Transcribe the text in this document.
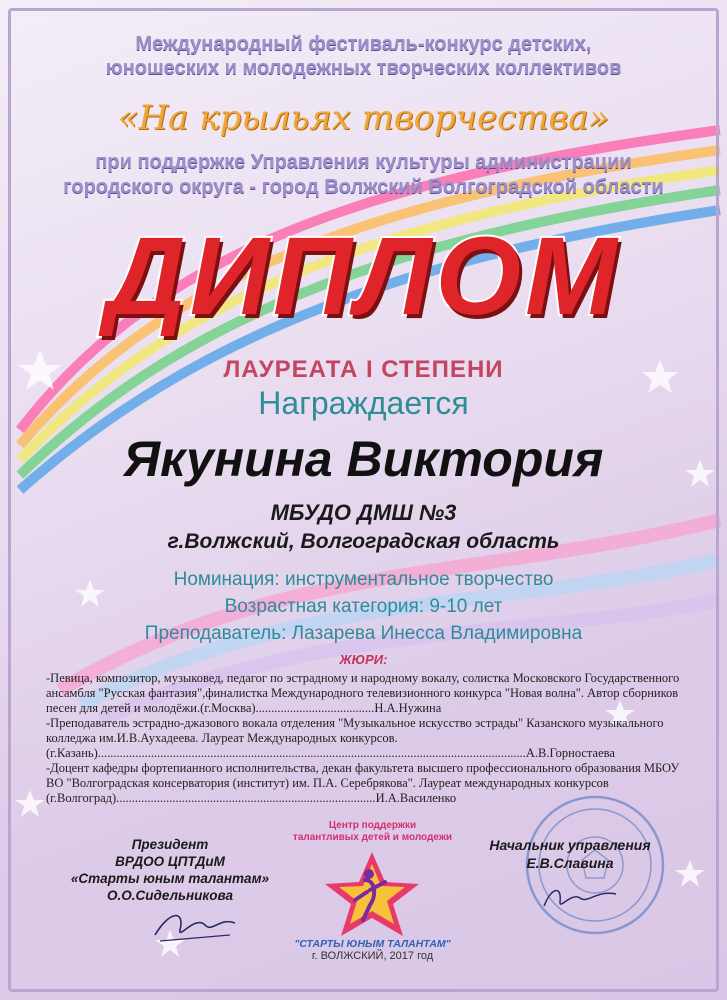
Международный фестиваль-конкурс детских,
юношеских и молодежных творческих коллективов
«На крыльях творчества»
при поддержке Управления культуры администрации
городского округа - город Волжский Волгоградской области
ДИПЛОМ
ЛАУРЕАТА I СТЕПЕНИ
Награждается
Якунина Виктория
МБУДО ДМШ №3
г.Волжский, Волгоградская область
Номинация: инструментальное творчество
Возрастная категория: 9-10 лет
Преподаватель: Лазарева Инесса Владимировна
ЖЮРИ:

-Певица, композитор, музыковед, педагог по эстрадному и народному вокалу, солистка Московского Государственного ансамбля "Русская фантазия",финалистка Международного телевизионного конкурса "Новая волна". Автор сборников песен для детей и молодёжи.(г.Москва)......................................Н.А.Нужина

-Преподаватель эстрадно-джазового вокала отделения "Музыкальное искусство эстрады" Казанского музыкального колледжа им.И.В.Аухадеева. Лауреат Международных конкурсов. (г.Казань).........................................................................................................................................А.В.Горностаева

-Доцент кафедры фортепианного исполнительства, декан факультета высшего профессионального образования МБОУ ВО "Волгоградская консерватория (институт) им. П.А. Серебрякова". Лауреат международных конкурсов (г.Волгоград)...................................................................................И.А.Василенко

Президент
ВРДОО ЦПТДиМ
«Старты юным талантам»
О.О.Сидельникова
Центр поддержки
талантливых детей и молодежи
"СТАРТЫ ЮНЫМ ТАЛАНТАМ"
г. ВОЛЖСКИЙ, 2017 год
Начальник управления
Е.В.Славина
